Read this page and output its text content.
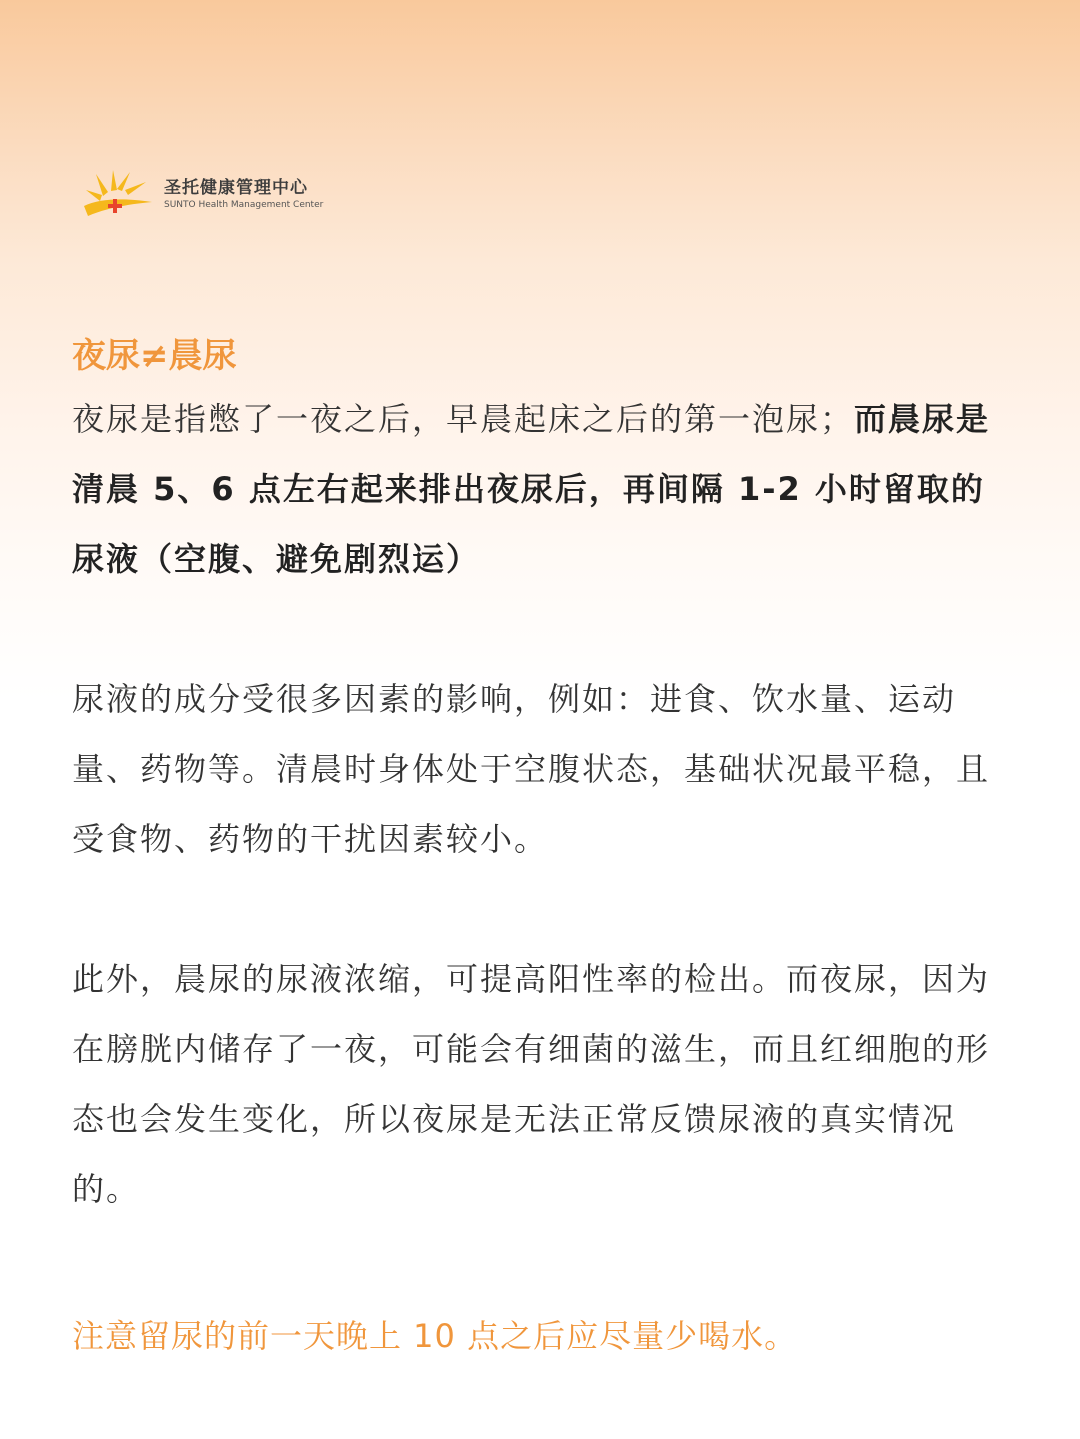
圣托健康管理中心
SUNTO Health Management Center
夜尿≠晨尿

夜尿是指憋了一夜之后，早晨起床之后的第一泡尿；而晨尿是清晨 5、6 点左右起来排出夜尿后，再间隔 1-2 小时留取的尿液（空腹、避免剧烈运）

尿液的成分受很多因素的影响，例如：进食、饮水量、运动量、药物等。清晨时身体处于空腹状态，基础状况最平稳，且受食物、药物的干扰因素较小。

此外，晨尿的尿液浓缩，可提高阳性率的检出。而夜尿，因为在膀胱内储存了一夜，可能会有细菌的滋生，而且红细胞的形态也会发生变化，所以夜尿是无法正常反馈尿液的真实情况的。

注意留尿的前一天晚上 10 点之后应尽量少喝水。
